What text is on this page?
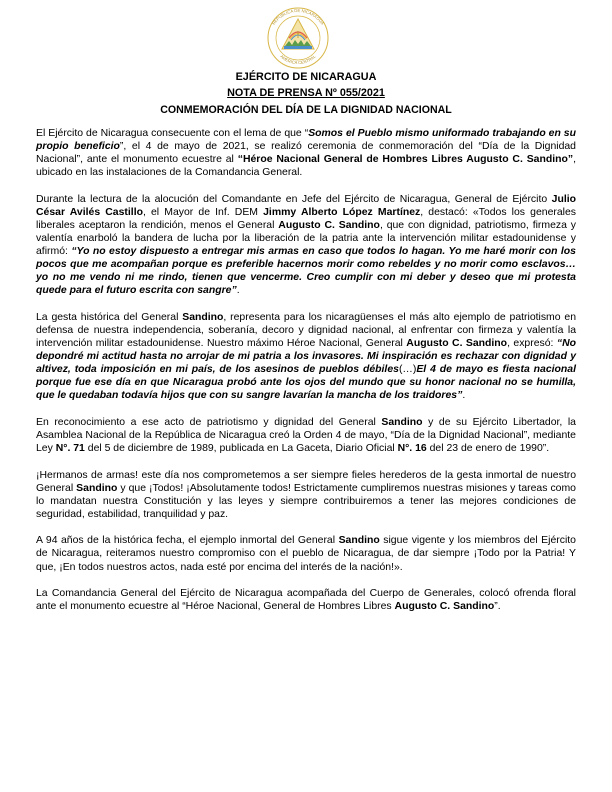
REPUBLICA DE NICARAGUA
AMERICA CENTRAL
EJÉRCITO DE NICARAGUA
NOTA DE PRENSA Nº 055/2021
CONMEMORACIÓN DEL DÍA DE LA DIGNIDAD NACIONAL

El Ejército de Nicaragua consecuente con el lema de que “Somos el Pueblo mismo uniformado trabajando en su propio beneficio”, el 4 de mayo de 2021, se realizó ceremonia de conmemoración del “Día de la Dignidad Nacional”, ante el monumento ecuestre al “Héroe Nacional General de Hombres Libres Augusto C. Sandino”, ubicado en las instalaciones de la Comandancia General.

Durante la lectura de la alocución del Comandante en Jefe del Ejército de Nicaragua, General de Ejército Julio César Avilés Castillo, el Mayor de Inf. DEM Jimmy Alberto López Martínez, destacó: «Todos los generales liberales aceptaron la rendición, menos el General Augusto C. Sandino, que con dignidad, patriotismo, firmeza y valentía enarboló la bandera de lucha por la liberación de la patria ante la intervención militar estadounidense y afirmó: “Yo no estoy dispuesto a entregar mis armas en caso que todos lo hagan. Yo me haré morir con los pocos que me acompañan porque es preferible hacernos morir como rebeldes y no morir como esclavos…yo no me vendo ni me rindo, tienen que vencerme. Creo cumplir con mi deber y deseo que mi protesta quede para el futuro escrita con sangre”.

La gesta histórica del General Sandino, representa para los nicaragüenses el más alto ejemplo de patriotismo en defensa de nuestra independencia, soberanía, decoro y dignidad nacional, al enfrentar con firmeza y valentía la intervención militar estadounidense. Nuestro máximo Héroe Nacional, General Augusto C. Sandino, expresó: “No depondré mi actitud hasta no arrojar de mi patria a los invasores. Mi inspiración es rechazar con dignidad y altivez, toda imposición en mi país, de los asesinos de pueblos débiles(…)El 4 de mayo es fiesta nacional porque fue ese día en que Nicaragua probó ante los ojos del mundo que su honor nacional no se humilla, que le quedaban todavía hijos que con su sangre lavarían la mancha de los traidores”.

En reconocimiento a ese acto de patriotismo y dignidad del General Sandino y de su Ejército Libertador, la Asamblea Nacional de la República de Nicaragua creó la Orden 4 de mayo, “Día de la Dignidad Nacional”, mediante Ley N°. 71 del 5 de diciembre de 1989, publicada en La Gaceta, Diario Oficial N°. 16 del 23 de enero de 1990”.

¡Hermanos de armas! este día nos comprometemos a ser siempre fieles herederos de la gesta inmortal de nuestro General Sandino y que ¡Todos! ¡Absolutamente todos! Estrictamente cumpliremos nuestras misiones y tareas como lo mandatan nuestra Constitución y las leyes y siempre contribuiremos a tener las mejores condiciones de seguridad, estabilidad, tranquilidad y paz.

A 94 años de la histórica fecha, el ejemplo inmortal del General Sandino sigue vigente y los miembros del Ejército de Nicaragua, reiteramos nuestro compromiso con el pueblo de Nicaragua, de dar siempre ¡Todo por la Patria! Y que, ¡En todos nuestros actos, nada esté por encima del interés de la nación!».

La Comandancia General del Ejército de Nicaragua acompañada del Cuerpo de Generales, colocó ofrenda floral ante el monumento ecuestre al “Héroe Nacional, General de Hombres Libres Augusto C. Sandino”.
